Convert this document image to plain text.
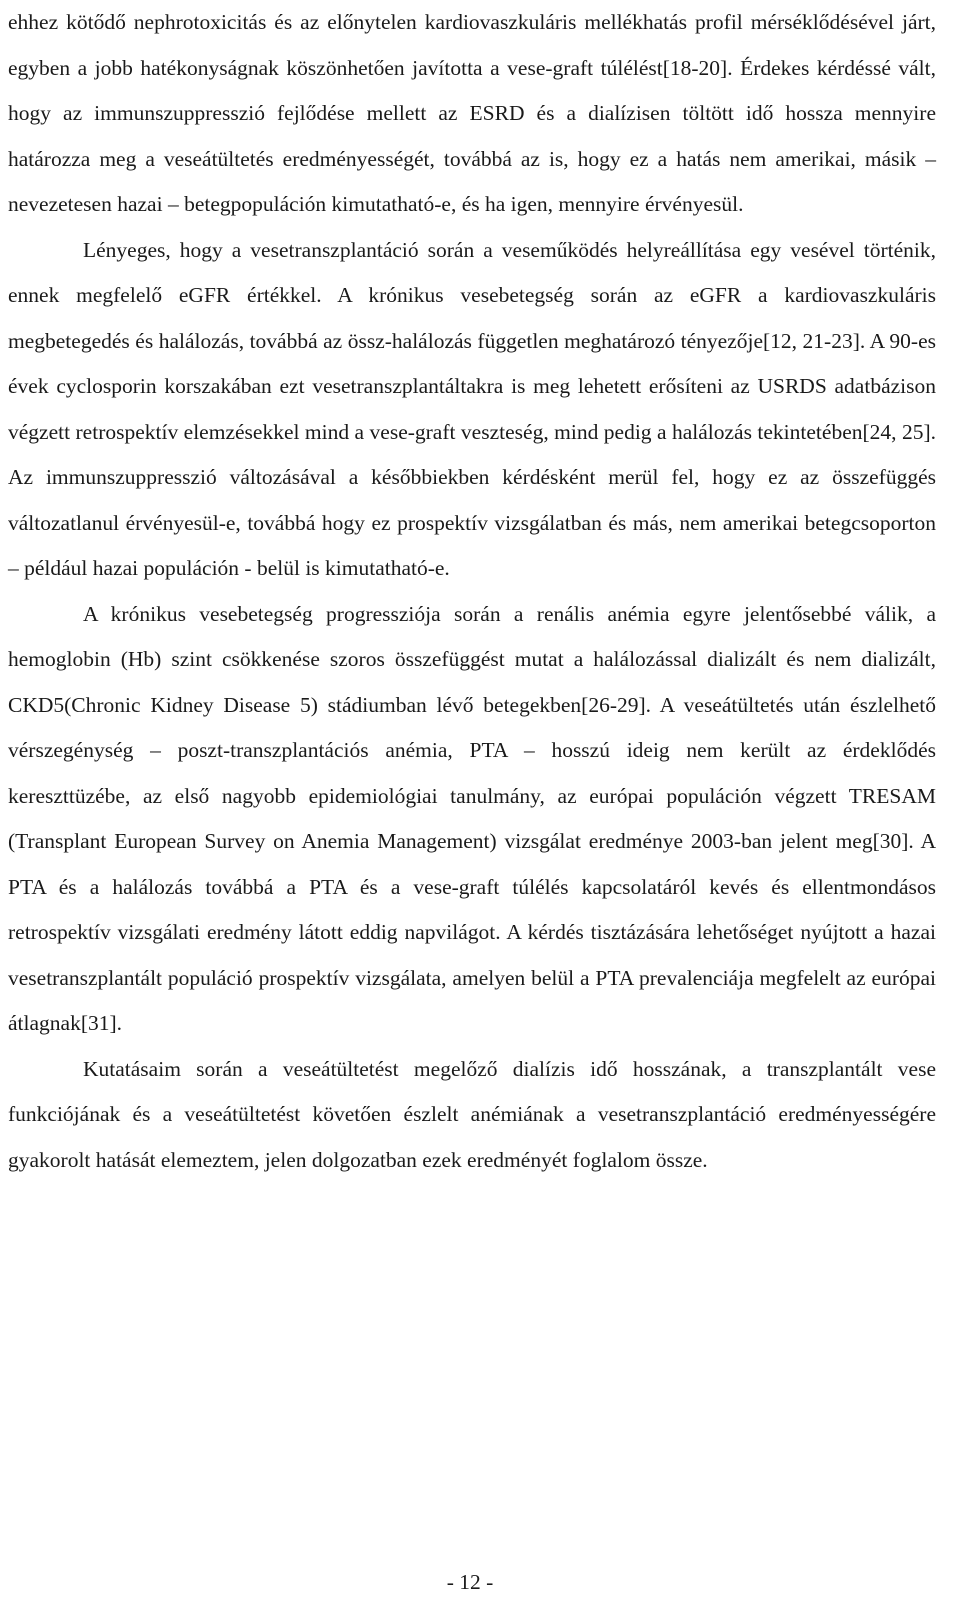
ehhez kötődő nephrotoxicitás és az előnytelen kardiovaszkuláris mellékhatás profil mérséklődésével járt, egyben a jobb hatékonyságnak köszönhetően javította a vese-graft túlélést[18-20]. Érdekes kérdéssé vált, hogy az immunszuppresszió fejlődése mellett az ESRD és a dialízisen töltött idő hossza mennyire határozza meg a veseátültetés eredményességét, továbbá az is, hogy ez a hatás nem amerikai, másik – nevezetesen hazai – betegpopuláción kimutatható-e, és ha igen, mennyire érvényesül.

Lényeges, hogy a vesetranszplantáció során a veseműködés helyreállítása egy vesével történik, ennek megfelelő eGFR értékkel. A krónikus vesebetegség során az eGFR a kardiovaszkuláris megbetegedés és halálozás, továbbá az össz-halálozás független meghatározó tényezője[12, 21-23]. A 90-es évek cyclosporin korszakában ezt vesetranszplantáltakra is meg lehetett erősíteni az USRDS adatbázison végzett retrospektív elemzésekkel mind a vese-graft veszteség, mind pedig a halálozás tekintetében[24, 25]. Az immunszuppresszió változásával a későbbiekben kérdésként merül fel, hogy ez az összefüggés változatlanul érvényesül-e, továbbá hogy ez prospektív vizsgálatban és más, nem amerikai betegcsoporton – például hazai populáción - belül is kimutatható-e.

A krónikus vesebetegség progressziója során a renális anémia egyre jelentősebbé válik, a hemoglobin (Hb) szint csökkenése szoros összefüggést mutat a halálozással dializált és nem dializált, CKD5(Chronic Kidney Disease 5) stádiumban lévő betegekben[26-29]. A veseátültetés után észlelhető vérszegénység – poszt-transzplantációs anémia, PTA – hosszú ideig nem került az érdeklődés kereszttüzébe, az első nagyobb epidemiológiai tanulmány, az európai populáción végzett TRESAM (Transplant European Survey on Anemia Management) vizsgálat eredménye 2003-ban jelent meg[30]. A PTA és a halálozás továbbá a PTA és a vese-graft túlélés kapcsolatáról kevés és ellentmondásos retrospektív vizsgálati eredmény látott eddig napvilágot. A kérdés tisztázására lehetőséget nyújtott a hazai vesetranszplantált populáció prospektív vizsgálata, amelyen belül a PTA prevalenciája megfelelt az európai átlagnak[31].

Kutatásaim során a veseátültetést megelőző dialízis idő hosszának, a transzplantált vese funkciójának és a veseátültetést követően észlelt anémiának a vesetranszplantáció eredményességére gyakorolt hatását elemeztem, jelen dolgozatban ezek eredményét foglalom össze.

- 12 -
